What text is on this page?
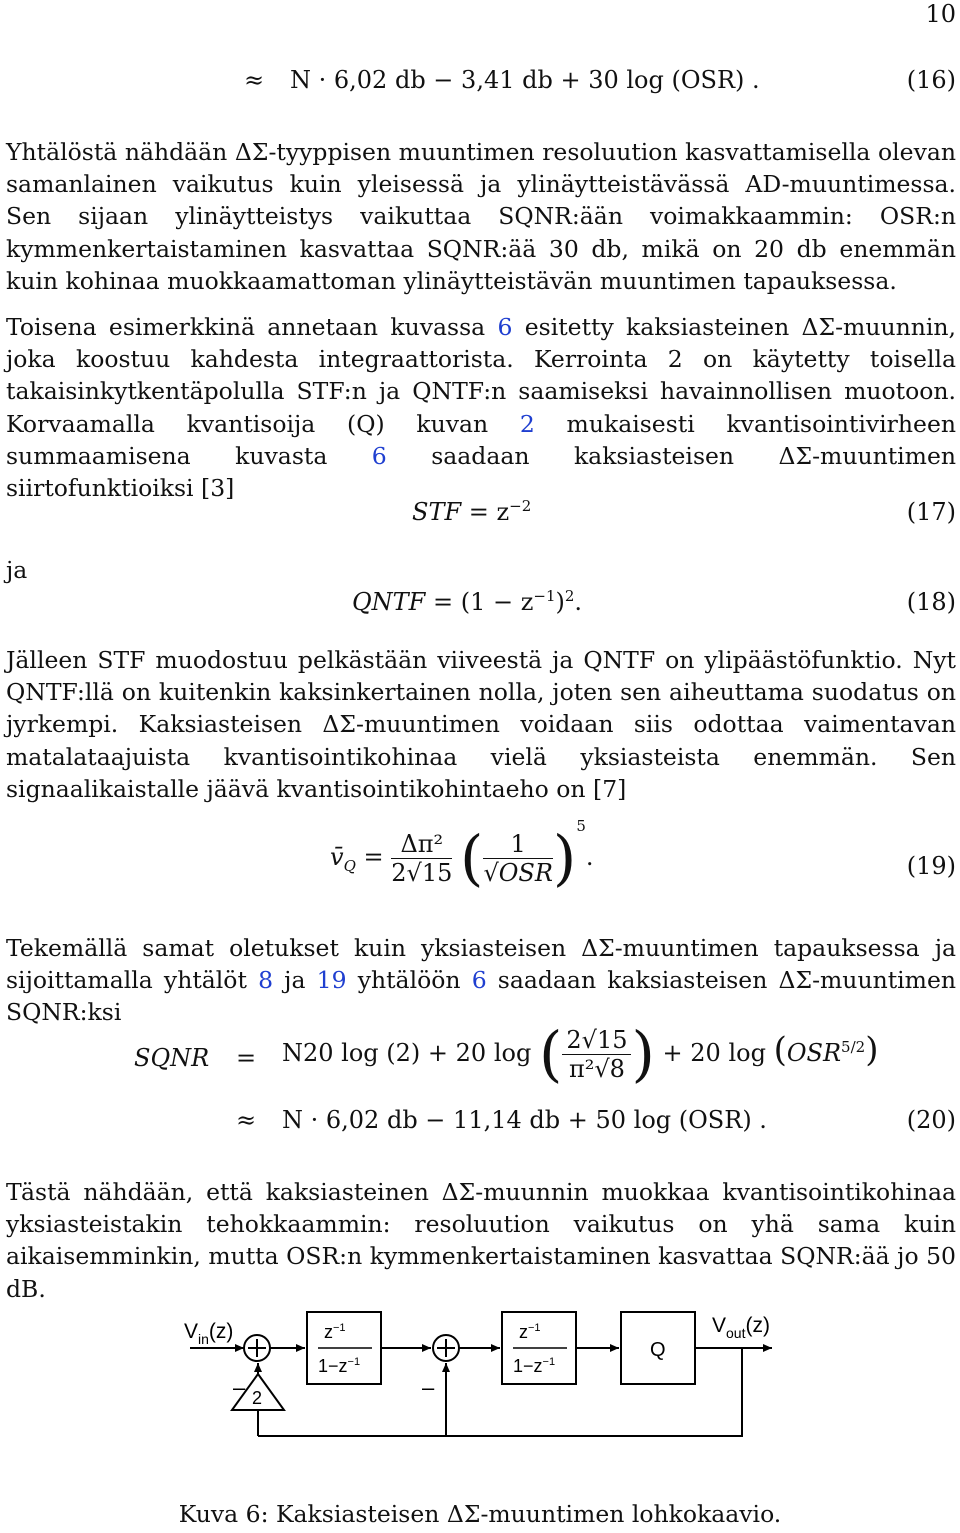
10
≈ N · 6,02 db − 3,41 db + 30 log (OSR) .	(16)

Yhtälöstä nähdään ΔΣ-tyyppisen muuntimen resoluution kasvattamisella olevan samanlainen vaikutus kuin yleisessä ja ylinäytteistävässä AD-muuntimessa. Sen sijaan ylinäytteistys vaikuttaa SQNR:ään voimakkaammin: OSR:n kymmenkertaistaminen kasvattaa SQNR:ää 30 db, mikä on 20 db enemmän kuin kohinaa muokkaamattoman ylinäytteistävän muuntimen tapauksessa.

Toisena esimerkkinä annetaan kuvassa 6 esitetty kaksiasteinen ΔΣ-muunnin, joka koostuu kahdesta integraattorista. Kerrointa 2 on käytetty toisella takaisinkytkentäpolulla STF:n ja QNTF:n saamiseksi havainnollisen muotoon. Korvaamalla kvantisoija (Q) kuvan 2 mukaisesti kvantisointivirheen summaamisena kuvasta 6 saadaan kaksiasteisen ΔΣ-muuntimen siirtofunktioiksi [3]

STF = $z^{-2}$	(17)
ja
QNTF = $(1 - z^{-1})^2$.	(18)

Jälleen STF muodostuu pelkästään viiveestä ja QNTF on ylipäästöfunktio. Nyt QNTF:llä on kuitenkin kaksinkertainen nolla, joten sen aiheuttama suodatus on jyrkempi. Kaksiasteisen ΔΣ-muuntimen voidaan siis odottaa vaimentavan matalataajuista kvantisointikohinaa vielä yksiasteista enemmän. Sen signaalikaistalle jäävä kvantisointikohintaeho on [7]

$v̄_Q = \frac{\text{Δπ²}}{2√15}$ ( $\frac{1}{\text{√OSR}} )^5$.	(19)

Tekemällä samat oletukset kuin yksiasteisen ΔΣ-muuntimen tapauksessa ja sijoittamalla yhtälöt 8 ja 19 yhtälöön 6 saadaan kaksiasteisen ΔΣ-muuntimen SQNR:ksi

SQNR = N20 log (2) + 20 log ( $\frac{2√15}{\text{π²√8}}$ ) + 20 $\log (OSR^{5/2})$
≈ N · 6,02 db − 11,14 db + 50 log (OSR) .	(20)

Tästä nähdään, että kaksiasteinen ΔΣ-muunnin muokkaa kvantisointikohinaa yksiasteistakin tehokkaammin: resoluution vaikutus on yhä sama kuin aikaisemminkin, mutta OSR:n kymmenkertaistaminen kasvattaa SQNR:ää jo 50 dB.

$V_{in}(z)$
–
$z^{-1}$
$1-z^{-1}$
–
$z^{-1}$
$1-z^{-1}$
Q
$V_{out}(z)$
2
Kuva 6: Kaksiasteisen ΔΣ-muuntimen lohkokaavio.
